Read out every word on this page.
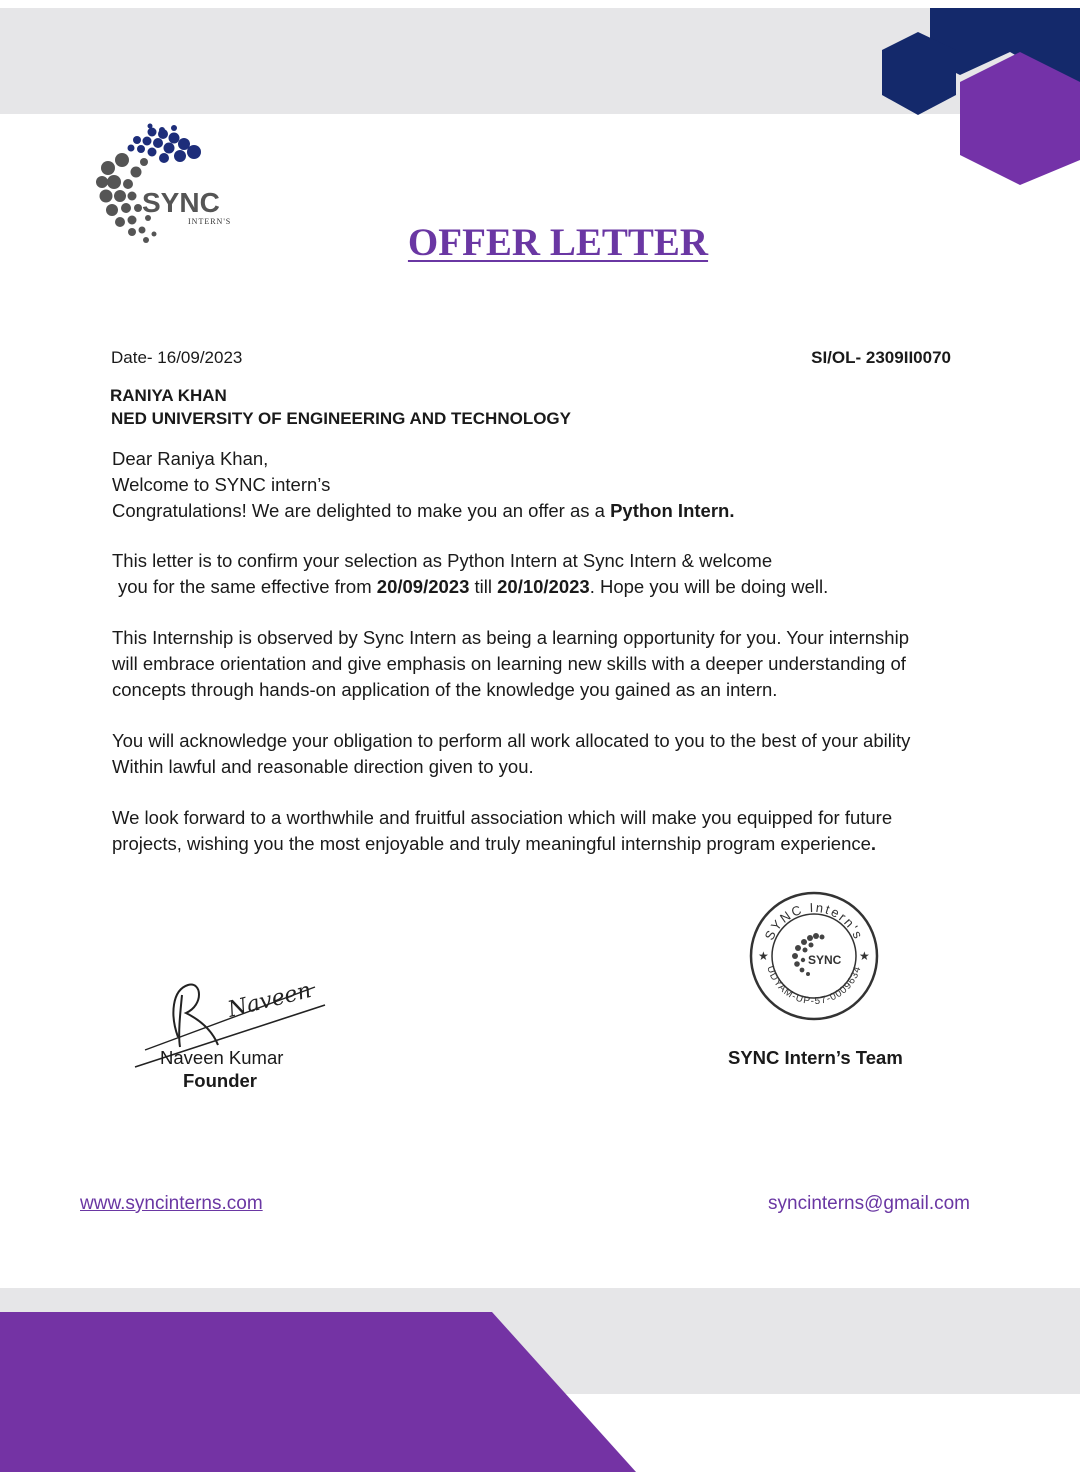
SYNC
INTERN'S	OFFER LETTER
Date- 16/09/2023	SI/OL- 2309II0070
RANIYA KHAN
NED UNIVERSITY OF ENGINEERING AND TECHNOLOGY
Dear Raniya Khan,
Welcome to SYNC intern’s
Congratulations! We are delighted to make you an offer as a Python Intern.
This letter is to confirm your selection as Python Intern at Sync Intern & welcome
you for the same effective from 20/09/2023 till 20/10/2023. Hope you will be doing well.
This Internship is observed by Sync Intern as being a learning opportunity for you. Your internship
will embrace orientation and give emphasis on learning new skills with a deeper understanding of
concepts through hands-on application of the knowledge you gained as an intern.
You will acknowledge your obligation to perform all work allocated to you to the best of your ability
Within lawful and reasonable direction given to you.
We look forward to a worthwhile and fruitful association which will make you equipped for future
projects, wishing you the most enjoyable and truly meaningful internship program experience.
Naveen
Naveen Kumar
Founder
SYNC Intern's
UDYAM-UP-57-0009634
★	★
SYNC
SYNC Intern’s Team
www.syncinterns.com	syncinterns@gmail.com
